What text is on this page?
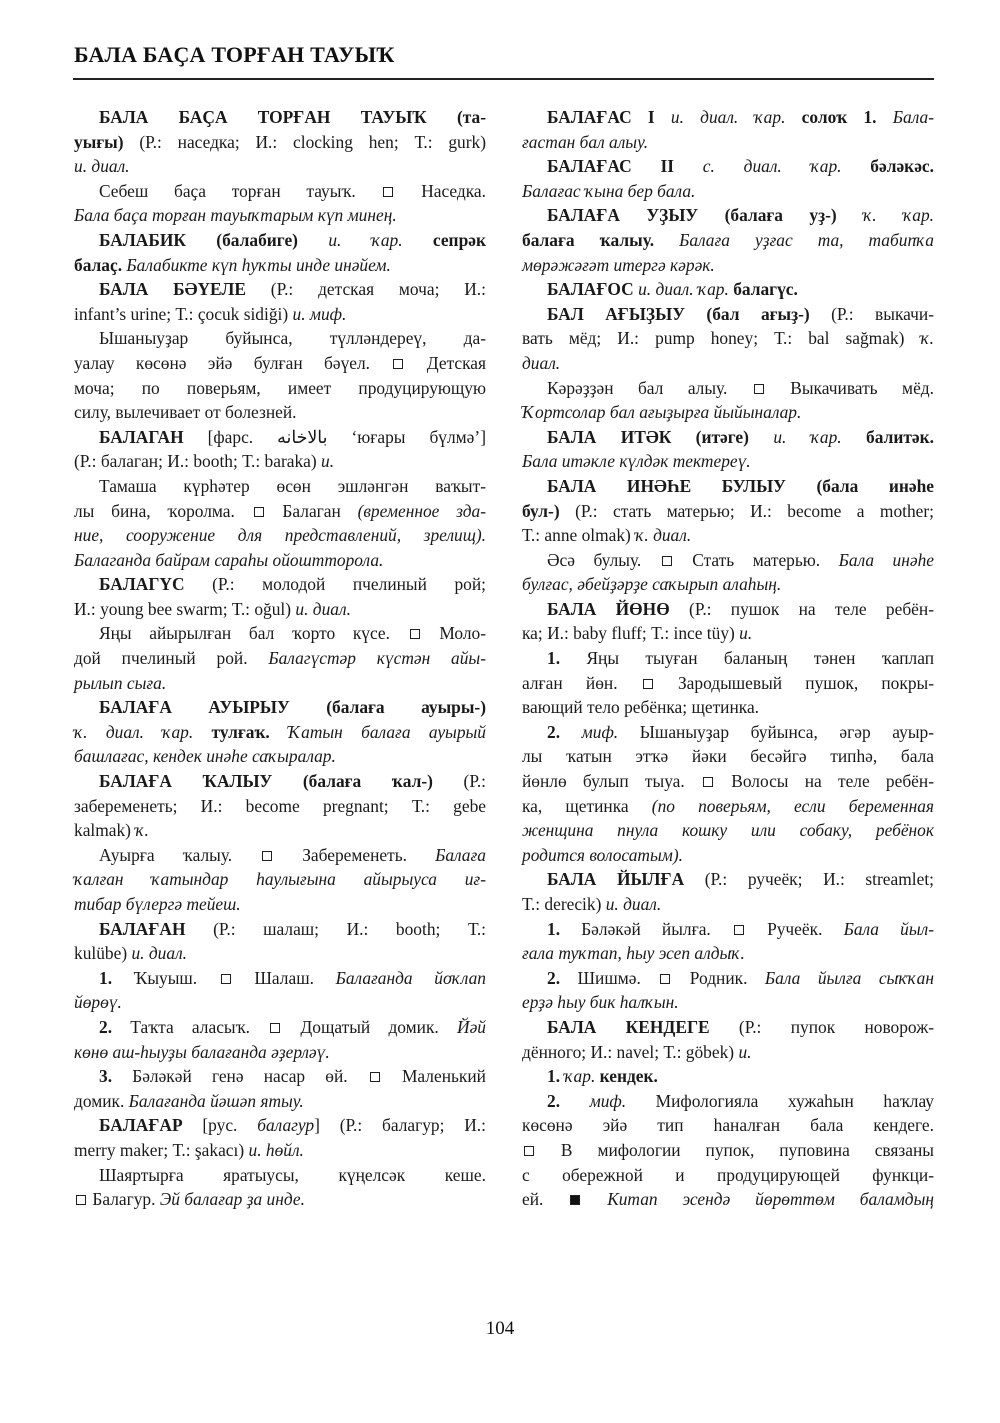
БАЛА БАҪА ТОРҒАН ТАУЫҠ
БАЛА БАҪА ТОРҒАН ТАУЫҠ (та-
уығы) (Р.: наседка; И.: clocking hen; Т.: gurk)
и. диал.
Себеш баҫа торған тауыҡ.  Наседка.
Бала баҫа торған тауыҡтарым күп минең.
БАЛАБИК (балабиге) и. ҡар. сепрәк
балаҫ. Балабикте күп һуҡты инде инәйем.
БАЛА БӘҮЕЛЕ (Р.: детская моча; И.:
infant’s urine; Т.: çocuk sidiği) и. миф.
Ышаныуҙар буйынса, түлләндереү, да-
уалау көсөнә эйә булған бәүел.  Детская
моча; по поверьям, имеет продуцирующую
силу, вылечивает от болезней.
БАЛАГАН [фарс. بالاخانه ‘юғары бүлмә’]
(Р.: балаган; И.: booth; Т.: baraka) и.
Тамаша күрһәтер өсөн эшләнгән ваҡыт-
лы бина, ҡоролма.  Балаган (временное зда-
ние, сооружение для представлений, зрелищ).
Балаганда байрам сараһы ойоштторола.
БАЛАГҮС (Р.: молодой пчелиный рой;
И.: young bee swarm; Т.: oğul) и. диал.
Яңы айырылған бал ҡорто күсе.  Моло-
дой пчелиный рой. Балагүстәр күстән айы-
рылып сыға.
БАЛАҒА АУЫРЫУ (балаға ауыры-)
ҡ. диал. ҡар. тулғаҡ. Ҡатын балаға ауырый
башлағас, кендек инәһе саҡыралар.
БАЛАҒА ҠАЛЫУ (балаға ҡал-) (Р.:
забеременеть; И.: become pregnant; Т.: gebe
kalmak) ҡ.
Ауырға ҡалыу.  Забеременеть. Балаға
ҡалған ҡатындар һаулығына айырыуса иғ-
тибар бүлергә тейеш.
БАЛАҒАН (Р.: шалаш; И.: booth; Т.:
kulübe) и. диал.
1. Ҡыуыш.  Шалаш. Балағанда йоҡлап
йөрөү.
2. Таҡта аласыҡ.  Дощатый домик. Йәй
көнө аш-һыуҙы балағанда әҙерләү.
3. Бәләкәй генә насар өй.  Маленький
домик. Балағанда йәшәп ятыу.
БАЛАҒАР [рус. балагур] (Р.: балагур; И.:
merry maker; Т.: şakacı) и. һөйл.
Шаяртырға яратыусы, күңелсәк кеше.
Балагур. Эй балағар ҙа инде.
БАЛАҒАС I и. диал. ҡар. солоҡ 1. Бала-
ғастан бал алыу.
БАЛАҒАС II с. диал. ҡар. бәләкәс.
Балағас ҡына бер бала.
БАЛАҒА УҘЫУ (балаға уҙ-) ҡ. ҡар.
балаға ҡалыу. Балаға уҙғас та, табипҡа
мөрәжәғәт итергә кәрәк.
БАЛАҒОС и. диал. ҡар. балагүс.
БАЛ АҒЫҘЫУ (бал ағыҙ-) (Р.: выкачи-
вать мёд; И.: pump honey; Т.: bal sağmak) ҡ.
диал.
Кәрәҙҙән бал алыу.  Выкачивать мёд.
Ҡортсолар бал ағыҙырға йыйыналар.
БАЛА ИТӘК (итәге) и. ҡар. балитәк.
Бала итәкле күлдәк тектереү.
БАЛА ИНӘҺЕ БУЛЫУ (бала инәһе
бул-) (Р.: стать матерью; И.: become a mother;
Т.: anne olmak) ҡ. диал.
Әсә булыу.  Стать матерью. Бала инәһе
булғас, әбейҙәрҙе саҡырып алаһың.
БАЛА ЙӨНӨ (Р.: пушок на теле ребён-
ка; И.: baby fluff; Т.: ince tüy) и.
1. Яңы тыуған баланың тәнен ҡаплап
алған йөн.  Зародышевый пушок, покры-
вающий тело ребёнка; щетинка.
2. миф. Ышаныуҙар буйынса, әгәр ауыр-
лы ҡатын этҡә йәки бесәйгә типһә, бала
йөнлө булып тыуа.  Волосы на теле ребён-
ка, щетинка (по поверьям, если беременная
женщина пнула кошку или собаку, ребёнок
родится волосатым).
БАЛА ЙЫЛҒА (Р.: ручеёк; И.: streamlet;
Т.: derecik) и. диал.
1. Бәләкәй йылға.  Ручеёк. Бала йыл-
ғала туҡтап, һыу эсеп алдыҡ.
2. Шишмә.  Родник. Бала йылға сыҡҡан
ерҙә һыу бик һалҡын.
БАЛА КЕНДЕГЕ (Р.: пупок новорож-
дённого; И.: navel; Т.: göbek) и.
1. ҡар. кендек.
2. миф. Мифологияла хужаһын һаҡлау
көсөнә эйә тип һаналған бала кендеге.
В мифологии пупок, пуповина связаны
с обережной и продуцирующей функци-
ей.  Китап эсендә йөрөттөм баламдың
104
